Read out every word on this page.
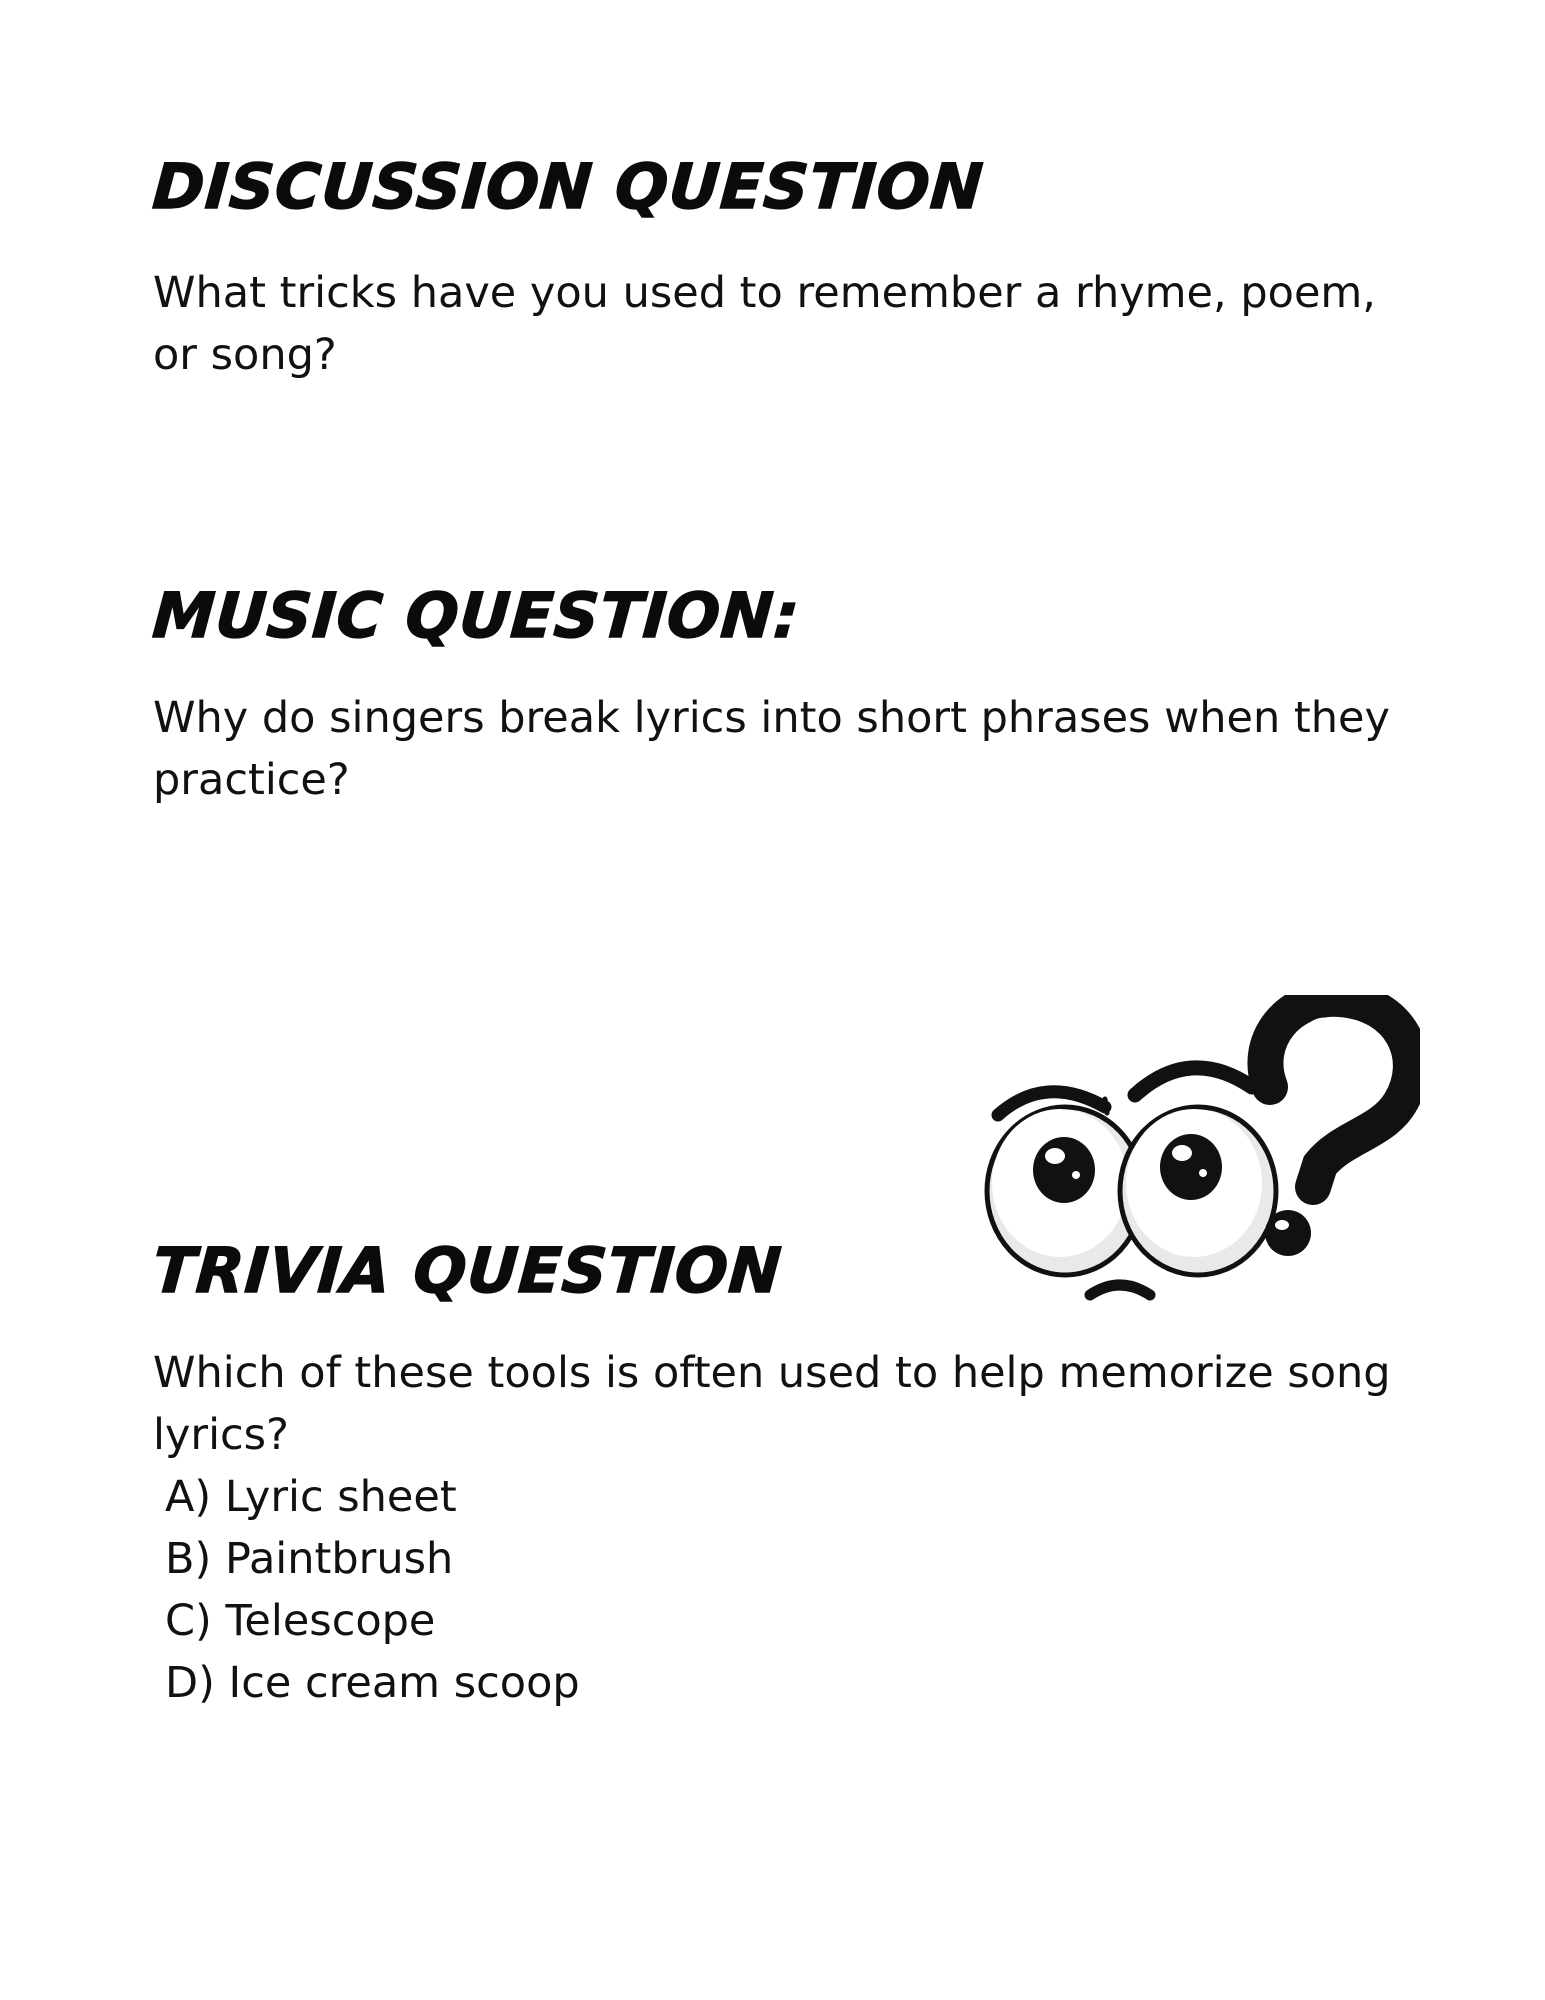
DISCUSSION QUESTION

What tricks have you used to remember a rhyme, poem, or song?

MUSIC QUESTION:

Why do singers break lyrics into short phrases when they practice?

TRIVIA QUESTION

Which of these tools is often used to help memorize song lyrics?

A) Lyric sheet
B) Paintbrush
C) Telescope
D) Ice cream scoop
